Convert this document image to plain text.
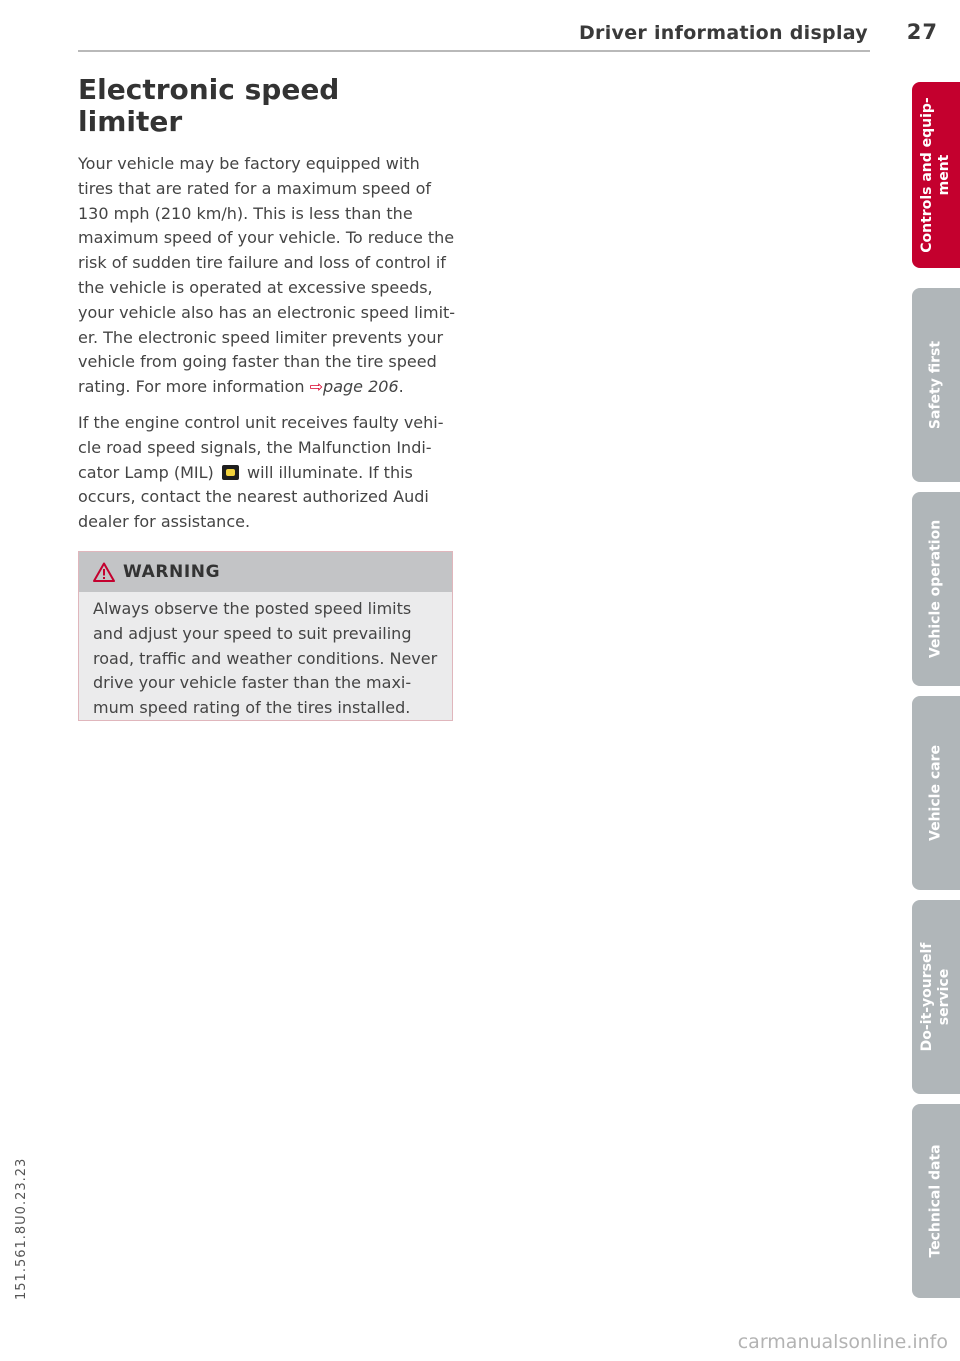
Driver information display 27
Electronic speed
limiter

Your vehicle may be factory equipped with tires that are rated for a maximum speed of 130 mph (210 km/h). This is less than the maximum speed of your vehicle. To reduce the risk of sudden tire failure and loss of control if the vehicle is operated at excessive speeds, your vehicle also has an electronic speed limit-er. The electronic speed limiter prevents your vehicle from going faster than the tire speed rating. For more information ⇨page 206.

If the engine control unit receives faulty vehi-cle road speed signals, the Malfunction Indi-cator Lamp (MIL) will illuminate. If this occurs, contact the nearest authorized Audi dealer for assistance.

WARNING
Always observe the posted speed limits and adjust your speed to suit prevailing road, traffic and weather conditions. Never drive your vehicle faster than the maxi-mum speed rating of the tires installed.
Controls and equip-
ment
Safety first
Vehicle operation
Vehicle care
Do-it-yourself
service
Technical data
151.561.8U0.23.23
carmanualsonline.info
